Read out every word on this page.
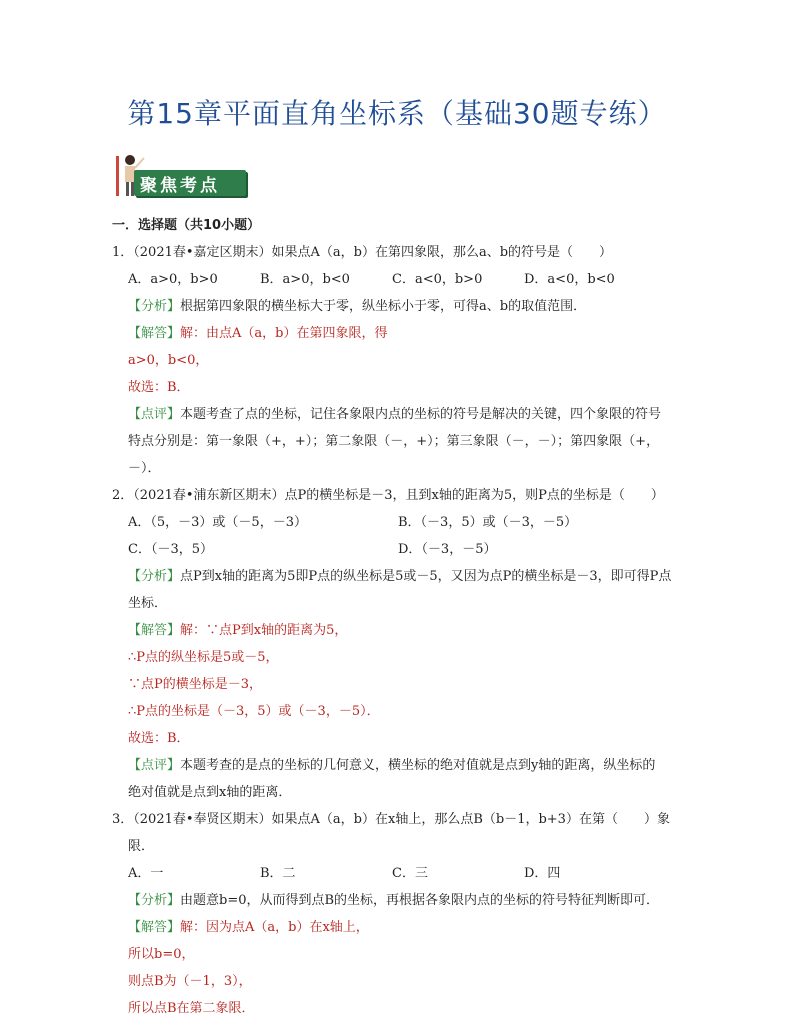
第15章平面直角坐标系（基础30题专练）
聚焦考点
一．选择题（共10小题）
1．（2021春•嘉定区期末）如果点A（a，b）在第四象限，那么a、b的符号是（　　）
A．a>0，b>0	B．a>0，b<0	C．a<0，b>0	D．a<0，b<0
【分析】根据第四象限的横坐标大于零，纵坐标小于零，可得a、b的取值范围．
【解答】解：由点A（a，b）在第四象限，得
a>0，b<0，
故选：B．
【点评】本题考查了点的坐标，记住各象限内点的坐标的符号是解决的关键，四个象限的符号
特点分别是：第一象限（+，+）；第二象限（－，+）；第三象限（－，－）；第四象限（+，
－）．
2．（2021春•浦东新区期末）点P的横坐标是－3，且到x轴的距离为5，则P点的坐标是（　　）
A．（5，－3）或（－5，－3）	B．（－3，5）或（－3，－5）
C．（－3，5）	D．（－3，－5）
【分析】点P到x轴的距离为5即P点的纵坐标是5或－5，又因为点P的横坐标是－3，即可得P点
坐标．
【解答】解：∵点P到x轴的距离为5，
∴P点的纵坐标是5或－5，
∵点P的横坐标是－3，
∴P点的坐标是（－3，5）或（－3，－5）．
故选：B．
【点评】本题考查的是点的坐标的几何意义，横坐标的绝对值就是点到y轴的距离，纵坐标的
绝对值就是点到x轴的距离．
3．（2021春•奉贤区期末）如果点A（a，b）在x轴上，那么点B（b－1，b+3）在第（　　）象
限．
A．一	B．二	C．三	D．四
【分析】由题意b=0，从而得到点B的坐标，再根据各象限内点的坐标的符号特征判断即可．
【解答】解：因为点A（a，b）在x轴上，
所以b=0，
则点B为（－1，3），
所以点B在第二象限．
